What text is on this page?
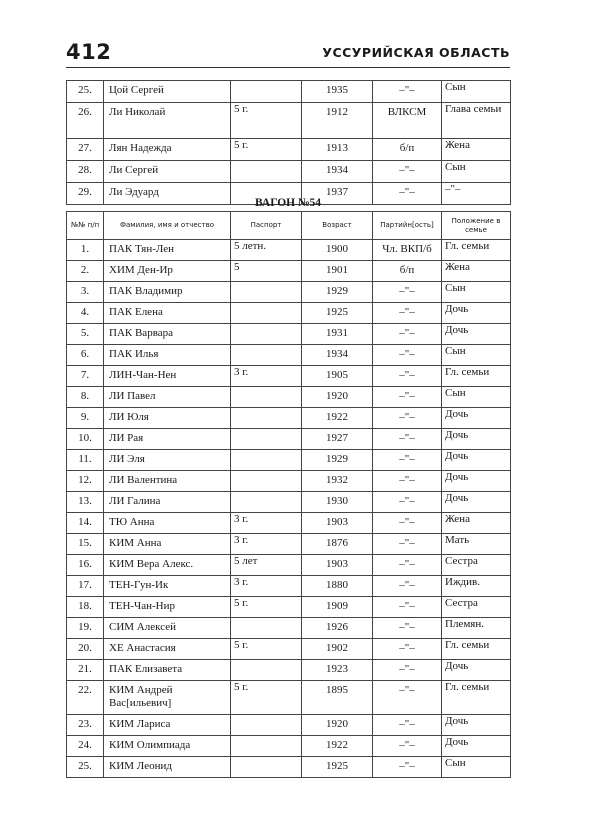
412	УССУРИЙСКАЯ ОБЛАСТЬ
25.	Цой Сергей		1935	–"–	Сын
26.	Ли Николай	5 г.	1912	ВЛКСМ	Глава семьи
27.	Лян Надежда	5 г.	1913	б/п	Жена
28.	Ли Сергей		1934	–"–	Сын
29.	Ли Эдуард		1937	–"–	–"–
ВАГОН №54
№№ п/п	Фамилия, имя и отчество	Паспорт	Возраст	Партийн[ость]	Положение в семье
1.	ПАК Тян-Лен	5 летн.	1900	Чл. ВКП/б	Гл. семьи
2.	ХИМ Ден-Ир	5	1901	б/п	Жена
3.	ПАК Владимир		1929	–"–	Сын
4.	ПАК Елена		1925	–"–	Дочь
5.	ПАК Варвара		1931	–"–	Дочь
6.	ПАК Илья		1934	–"–	Сын
7.	ЛИН-Чан-Нен	3 г.	1905	–"–	Гл. семьи
8.	ЛИ Павел		1920	–"–	Сын
9.	ЛИ Юля		1922	–"–	Дочь
10.	ЛИ Рая		1927	–"–	Дочь
11.	ЛИ Эля		1929	–"–	Дочь
12.	ЛИ Валентина		1932	–"–	Дочь
13.	ЛИ Галина		1930	–"–	Дочь
14.	ТЮ Анна	3 г.	1903	–"–	Жена
15.	КИМ Анна	3 г.	1876	–"–	Мать
16.	КИМ Вера Алекс.	5 лет	1903	–"–	Сестра
17.	ТЕН-Гун-Ик	3 г.	1880	–"–	Иждив.
18.	ТЕН-Чан-Нир	5 г.	1909	–"–	Сестра
19.	СИМ Алексей		1926	–"–	Племян.
20.	ХЕ Анастасия	5 г.	1902	–"–	Гл. семьи
21.	ПАК Елизавета		1923	–"–	Дочь
22.	КИМ Андрей Вас[ильевич]	5 г.	1895	–"–	Гл. семьи
23.	КИМ Лариса		1920	–"–	Дочь
24.	КИМ Олимпиада		1922	–"–	Дочь
25.	КИМ Леонид		1925	–"–	Сын
